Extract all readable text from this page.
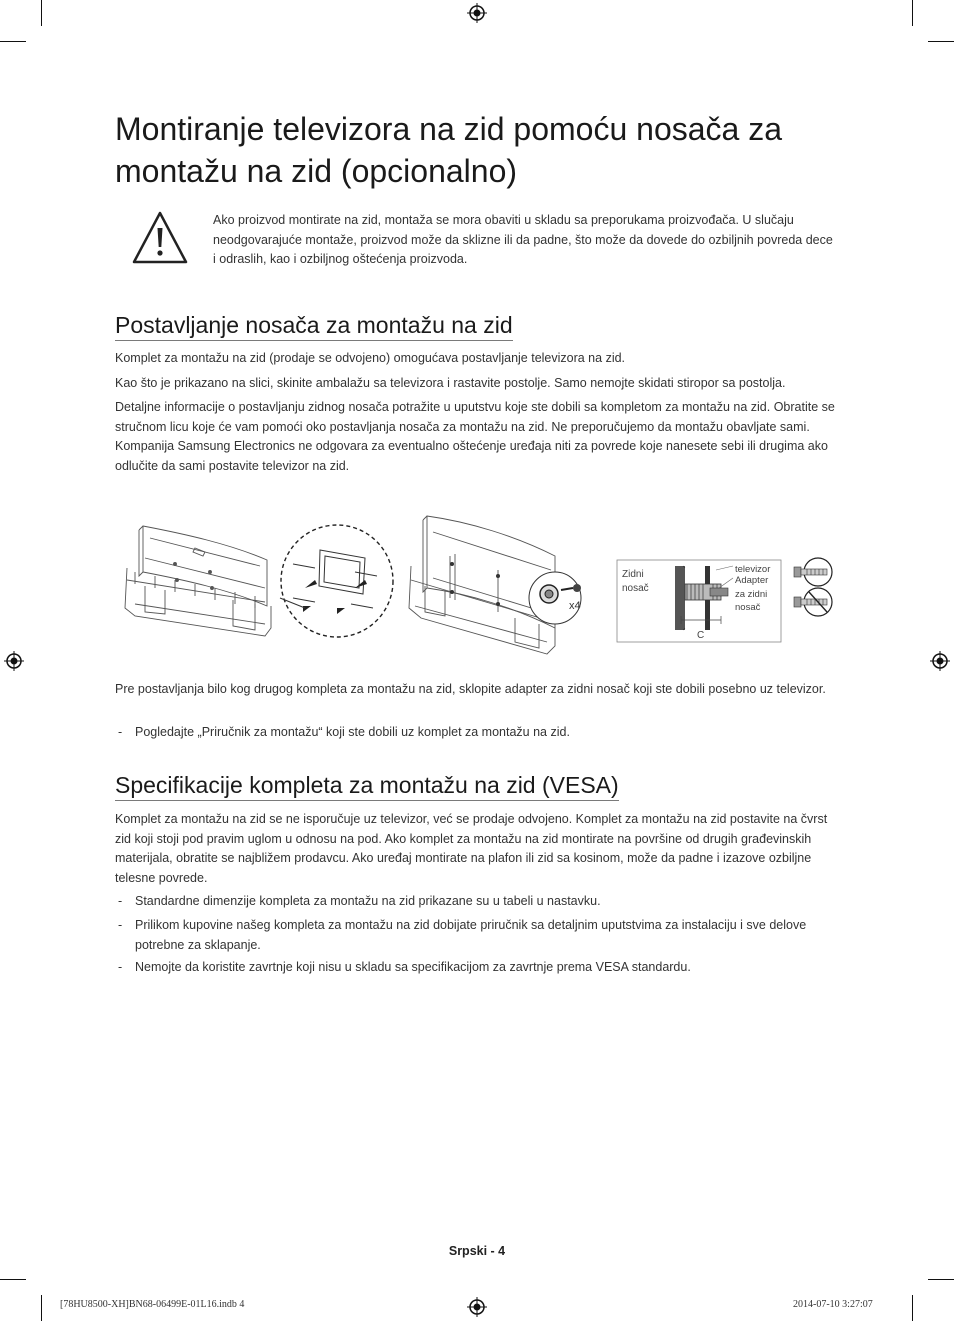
Montiranje televizora na zid pomoću nosača za montažu na zid (opcionalno)
Ako proizvod montirate na zid, montaža se mora obaviti u skladu sa preporukama proizvođača. U slučaju neodgovarajuće montaže, proizvod može da sklizne ili da padne, što može da dovede do ozbiljnih povreda dece i odraslih, kao i ozbiljnog oštećenja proizvoda.
Postavljanje nosača za montažu na zid

Komplet za montažu na zid (prodaje se odvojeno) omogućava postavljanje televizora na zid.

Kao što je prikazano na slici, skinite ambalažu sa televizora i rastavite postolje. Samo nemojte skidati stiropor sa postolja.

Detaljne informacije o postavljanju zidnog nosača potražite u uputstvu koje ste dobili sa kompletom za montažu na zid. Obratite se stručnom licu koje će vam pomoći oko postavljanja nosača za montažu na zid. Ne preporučujemo da montažu obavljate sami. Kompanija Samsung Electronics ne odgovara za eventualno oštećenje uređaja niti za povrede koje nanesete sebi ili drugima ako odlučite da sami postavite televizor na zid.

x4
Zidni
nosač
televizor
Adapter
za zidni
nosač
C

Pre postavljanja bilo kog drugog kompleta za montažu na zid, sklopite adapter za zidni nosač koji ste dobili posebno uz televizor.

- Pogledajte „Priručnik za montažu“ koji ste dobili uz komplet za montažu na zid.
Specifikacije kompleta za montažu na zid (VESA)

Komplet za montažu na zid se ne isporučuje uz televizor, već se prodaje odvojeno. Komplet za montažu na zid postavite na čvrst zid koji stoji pod pravim uglom u odnosu na pod. Ako komplet za montažu na zid montirate na površine od drugih građevinskih materijala, obratite se najbližem prodavcu. Ako uređaj montirate na plafon ili zid sa kosinom, može da padne i izazove ozbiljne telesne povrede.

- Standardne dimenzije kompleta za montažu na zid prikazane su u tabeli u nastavku.
- Prilikom kupovine našeg kompleta za montažu na zid dobijate priručnik sa detaljnim uputstvima za instalaciju i sve delove potrebne za sklapanje.
- Nemojte da koristite zavrtnje koji nisu u skladu sa specifikacijom za zavrtnje prema VESA standardu.
Srpski - 4
[78HU8500-XH]BN68-06499E-01L16.indb 4	2014-07-10 3:27:07
